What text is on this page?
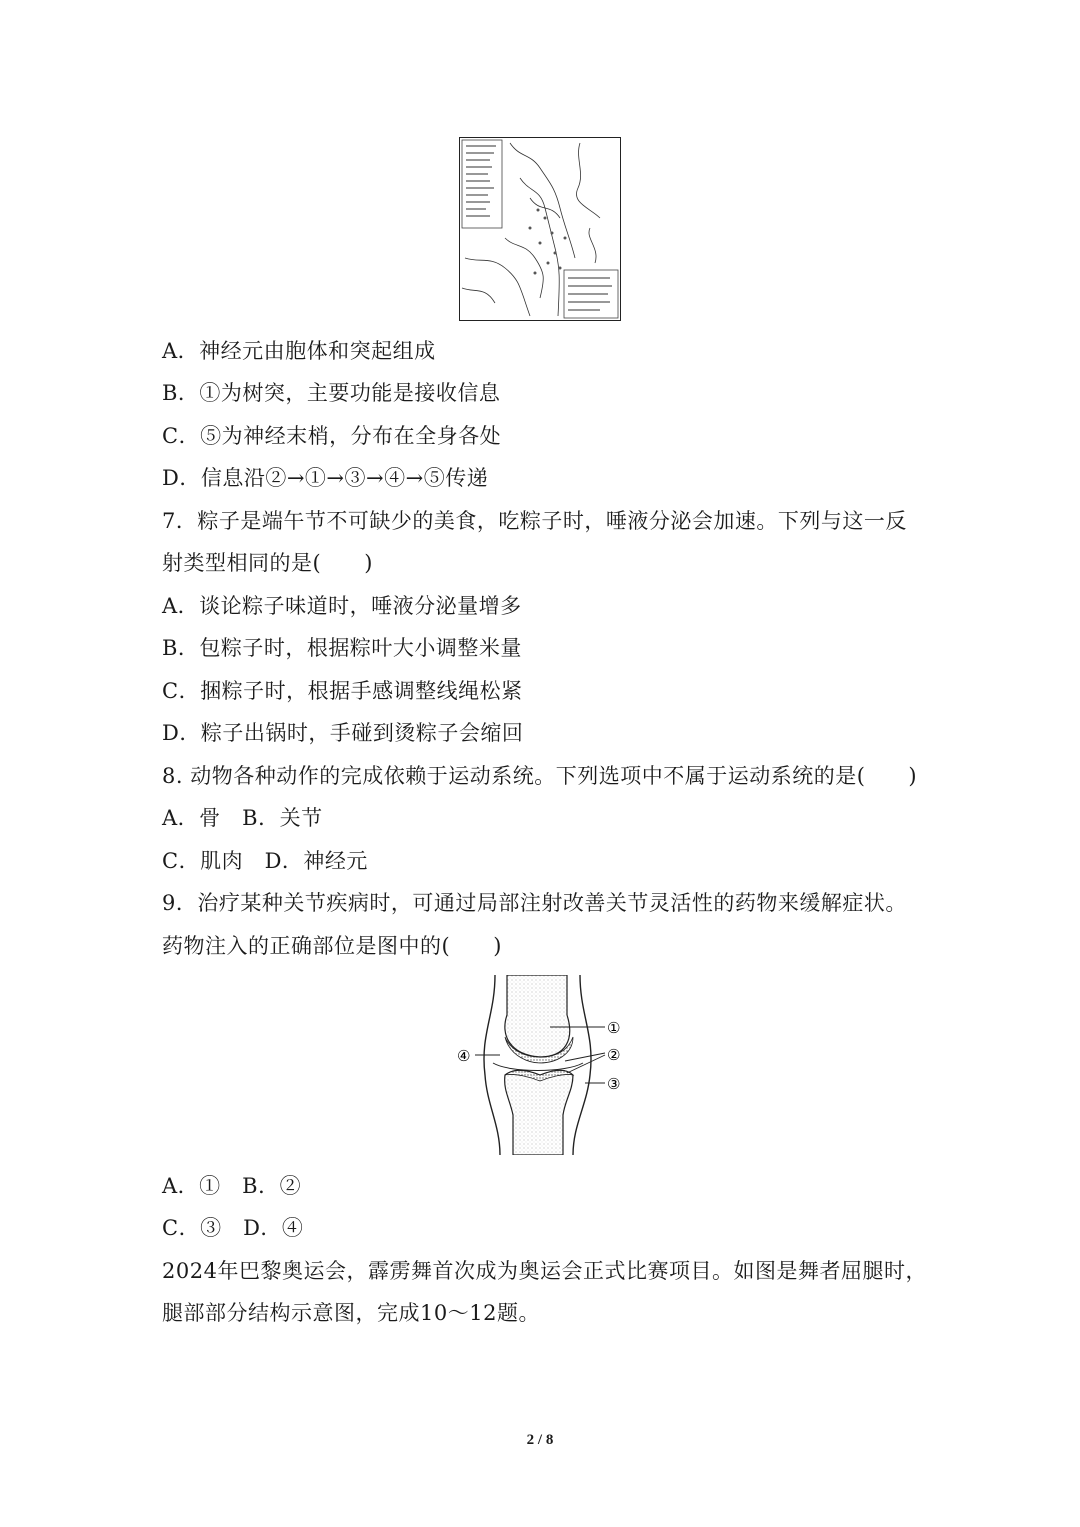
A．神经元由胞体和突起组成
B．①为树突，主要功能是接收信息
C．⑤为神经末梢，分布在全身各处
D．信息沿②→①→③→④→⑤传递
7．粽子是端午节不可缺少的美食，吃粽子时，唾液分泌会加速。下列与这一反
射类型相同的是(　　)
A．谈论粽子味道时，唾液分泌量增多
B．包粽子时，根据粽叶大小调整米量
C．捆粽子时，根据手感调整线绳松紧
D．粽子出锅时，手碰到烫粽子会缩回
8. 动物各种动作的完成依赖于运动系统。下列选项中不属于运动系统的是(　　)
A．骨　B．关节
C．肌肉　D．神经元
9．治疗某种关节疾病时，可通过局部注射改善关节灵活性的药物来缓解症状。
药物注入的正确部位是图中的(　　)
①
②
③
④
A．①　B．②
C．③　D．④
2024年巴黎奥运会，霹雳舞首次成为奥运会正式比赛项目。如图是舞者屈腿时，
腿部部分结构示意图，完成10～12题。
2 / 8
